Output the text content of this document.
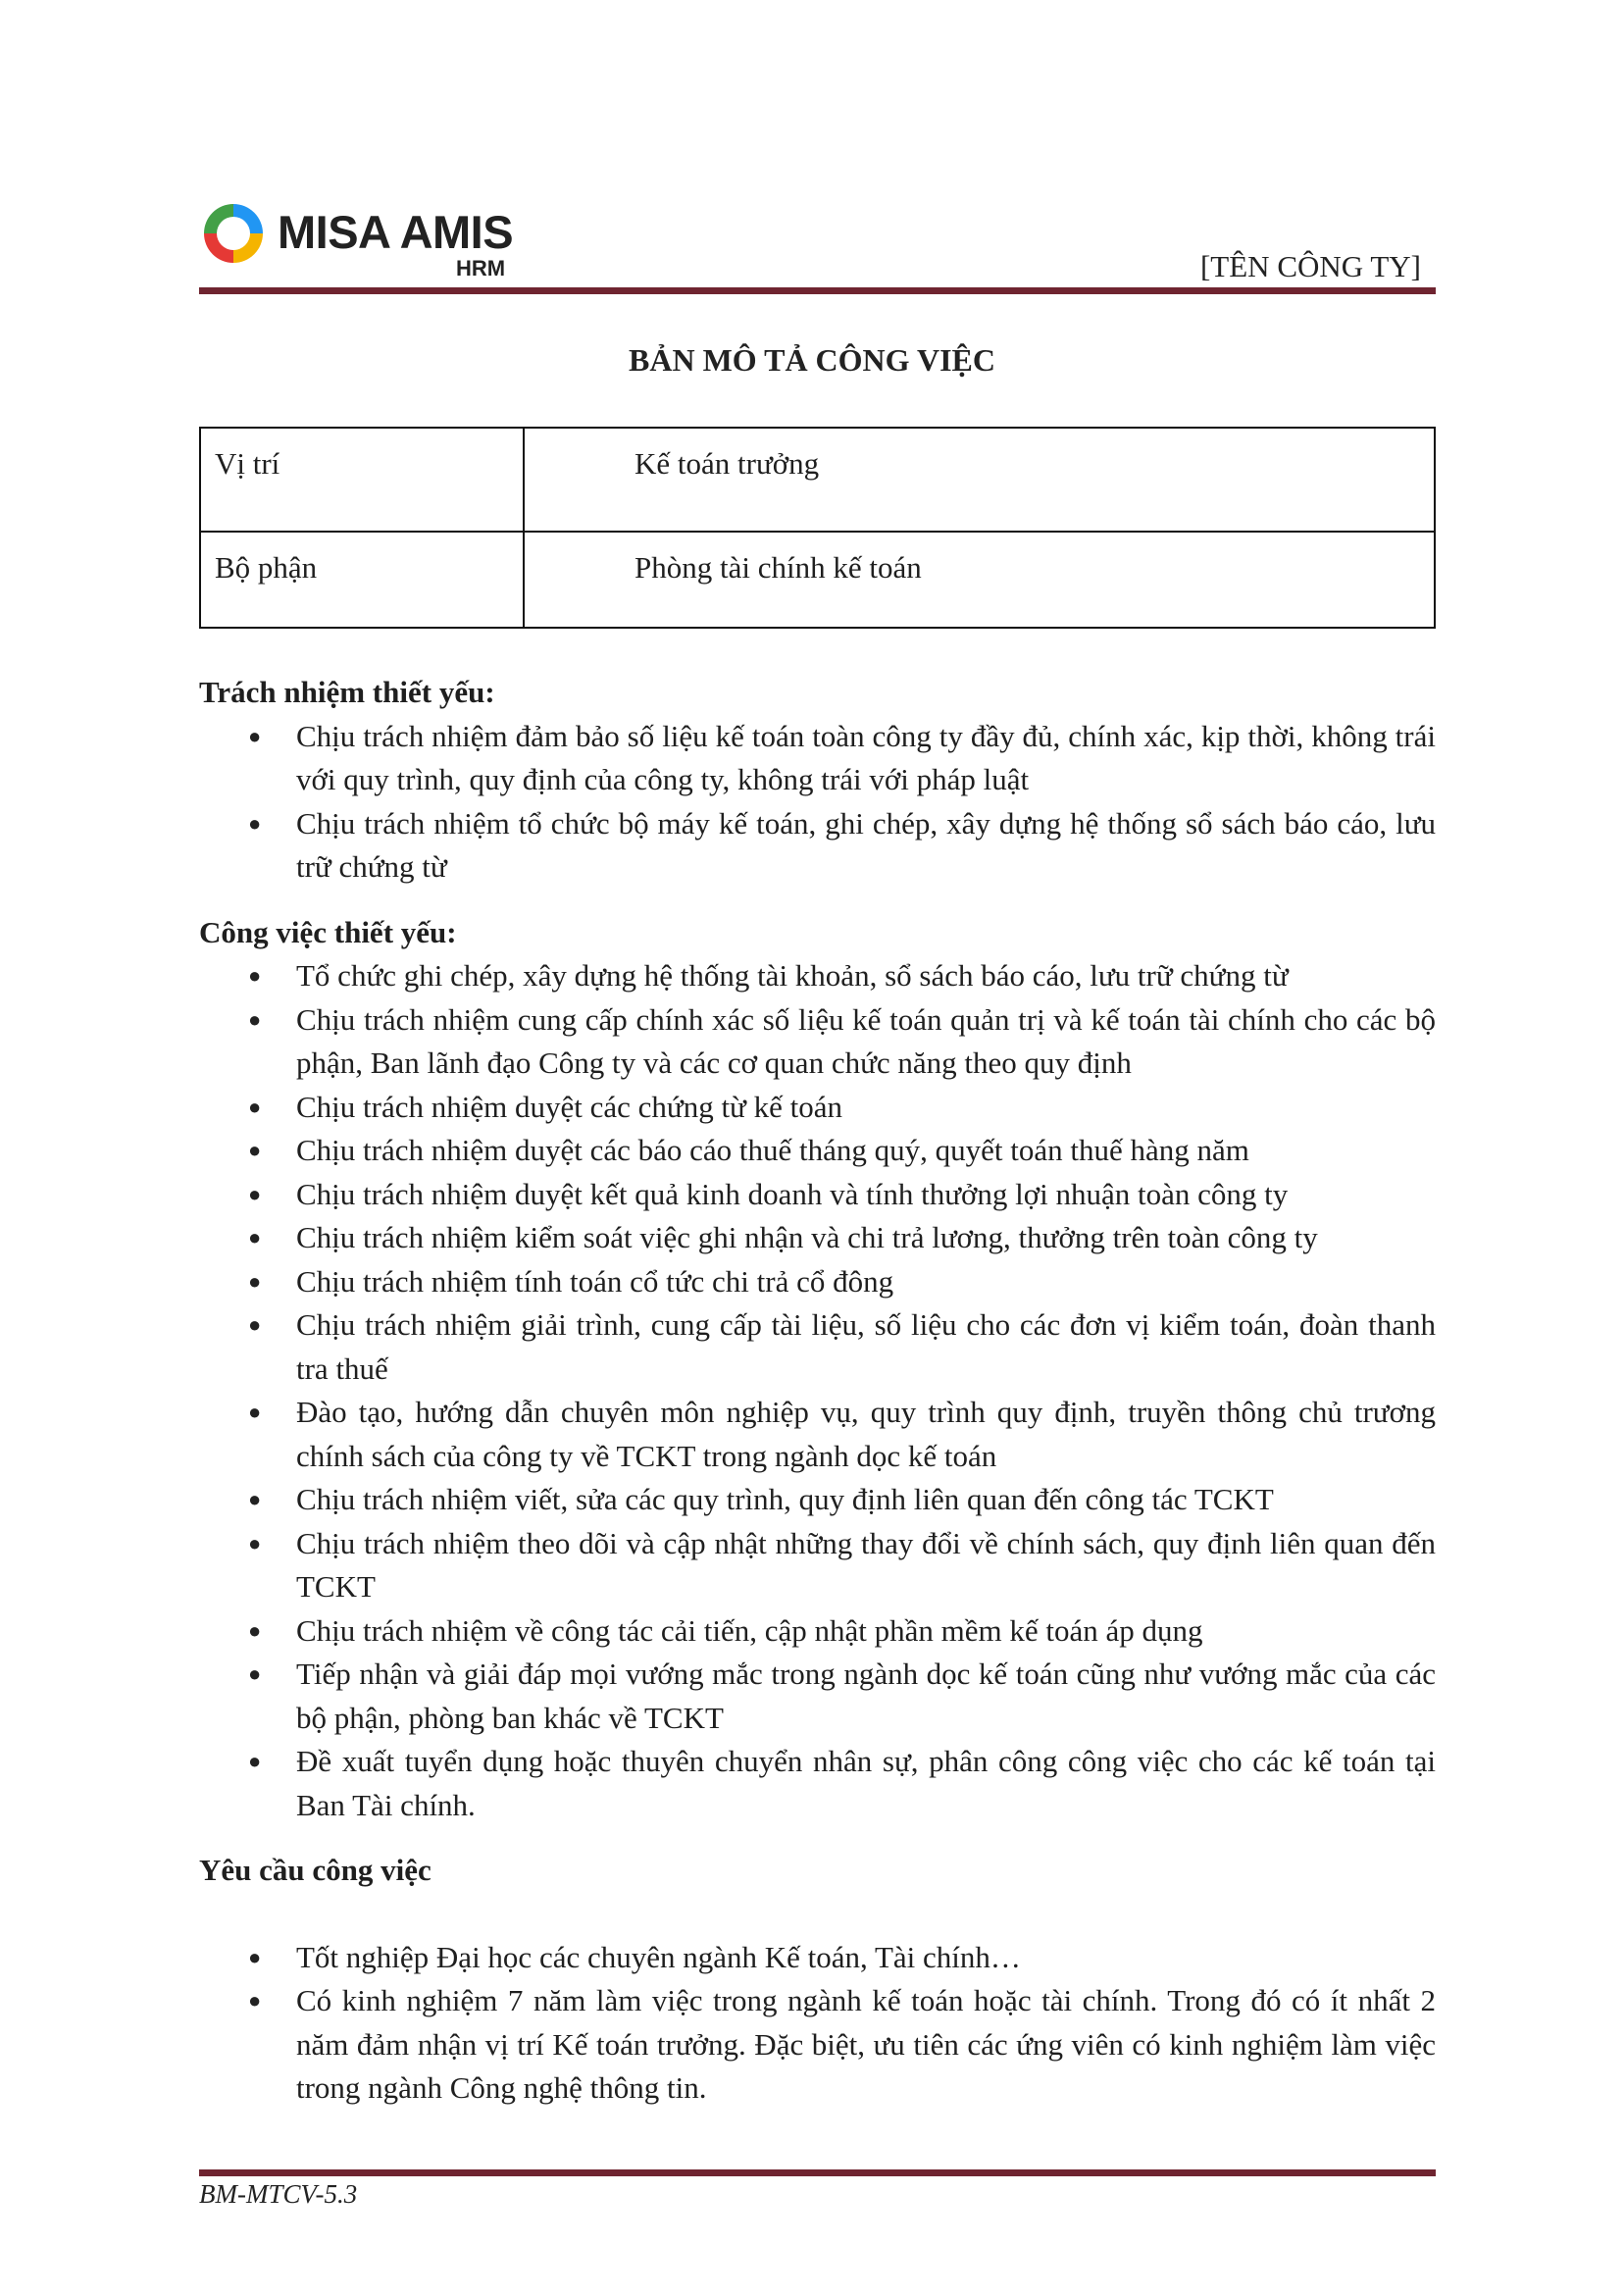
MISA AMIS
HRM	[TÊN CÔNG TY]
BẢN MÔ TẢ CÔNG VIỆC
Vị trí	Kế toán trưởng
Bộ phận	Phòng tài chính kế toán

Trách nhiệm thiết yếu:

● Chịu trách nhiệm đảm bảo số liệu kế toán toàn công ty đầy đủ, chính xác, kịp thời, không trái với quy trình, quy định của công ty, không trái với pháp luật
● Chịu trách nhiệm tổ chức bộ máy kế toán, ghi chép, xây dựng hệ thống sổ sách báo cáo, lưu trữ chứng từ

Công việc thiết yếu:

● Tổ chức ghi chép, xây dựng hệ thống tài khoản, sổ sách báo cáo, lưu trữ chứng từ
● Chịu trách nhiệm cung cấp chính xác số liệu kế toán quản trị và kế toán tài chính cho các bộ phận, Ban lãnh đạo Công ty và các cơ quan chức năng theo quy định
● Chịu trách nhiệm duyệt các chứng từ kế toán
● Chịu trách nhiệm duyệt các báo cáo thuế tháng quý, quyết toán thuế hàng năm
● Chịu trách nhiệm duyệt kết quả kinh doanh và tính thưởng lợi nhuận toàn công ty
● Chịu trách nhiệm kiểm soát việc ghi nhận và chi trả lương, thưởng trên toàn công ty
● Chịu trách nhiệm tính toán cổ tức chi trả cổ đông
● Chịu trách nhiệm giải trình, cung cấp tài liệu, số liệu cho các đơn vị kiểm toán, đoàn thanh tra thuế
● Đào tạo, hướng dẫn chuyên môn nghiệp vụ, quy trình quy định, truyền thông chủ trương chính sách của công ty về TCKT trong ngành dọc kế toán
● Chịu trách nhiệm viết, sửa các quy trình, quy định liên quan đến công tác TCKT
● Chịu trách nhiệm theo dõi và cập nhật những thay đổi về chính sách, quy định liên quan đến TCKT
● Chịu trách nhiệm về công tác cải tiến, cập nhật phần mềm kế toán áp dụng
● Tiếp nhận và giải đáp mọi vướng mắc trong ngành dọc kế toán cũng như vướng mắc của các bộ phận, phòng ban khác về TCKT
● Đề xuất tuyển dụng hoặc thuyên chuyển nhân sự, phân công công việc cho các kế toán tại Ban Tài chính.

Yêu cầu công việc

● Tốt nghiệp Đại học các chuyên ngành Kế toán, Tài chính…
● Có kinh nghiệm 7 năm làm việc trong ngành kế toán hoặc tài chính. Trong đó có ít nhất 2 năm đảm nhận vị trí Kế toán trưởng. Đặc biệt, ưu tiên các ứng viên có kinh nghiệm làm việc trong ngành Công nghệ thông tin.
BM-MTCV-5.3
